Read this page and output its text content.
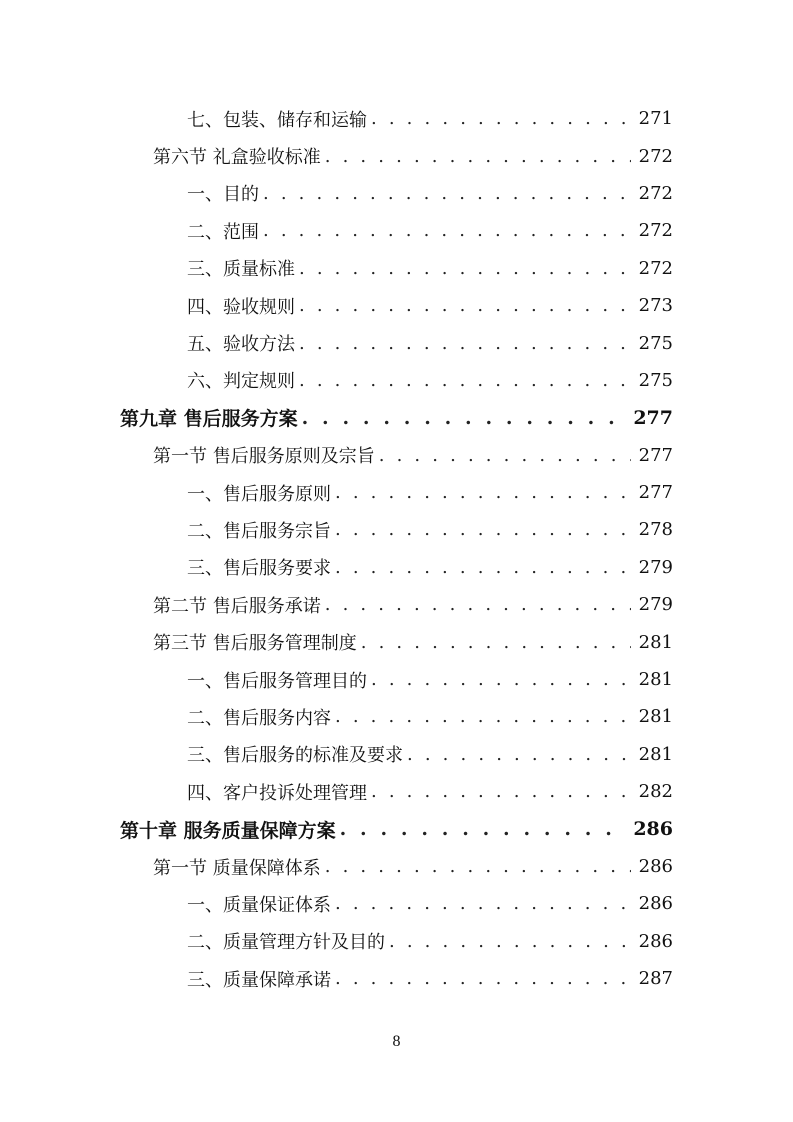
七、包装、储存和运输 . . .	271
第六节 礼盒验收标准 . . .	272
一、目的 . . .	272
二、范围 . . .	272
三、质量标准 . . .	272
四、验收规则 . . .	273
五、验收方法 . . .	275
六、判定规则 . . .	275
第九章 售后服务方案 . . .	277
第一节 售后服务原则及宗旨 . . .	277
一、售后服务原则 . . .	277
二、售后服务宗旨 . . .	278
三、售后服务要求 . . .	279
第二节 售后服务承诺 . . .	279
第三节 售后服务管理制度 . . .	281
一、售后服务管理目的 . . .	281
二、售后服务内容 . . .	281
三、售后服务的标准及要求 . . .	281
四、客户投诉处理管理 . . .	282
第十章 服务质量保障方案 . . .	286
第一节 质量保障体系 . . .	286
一、质量保证体系 . . .	286
二、质量管理方针及目的 . . .	286
三、质量保障承诺 . . .	287
8
